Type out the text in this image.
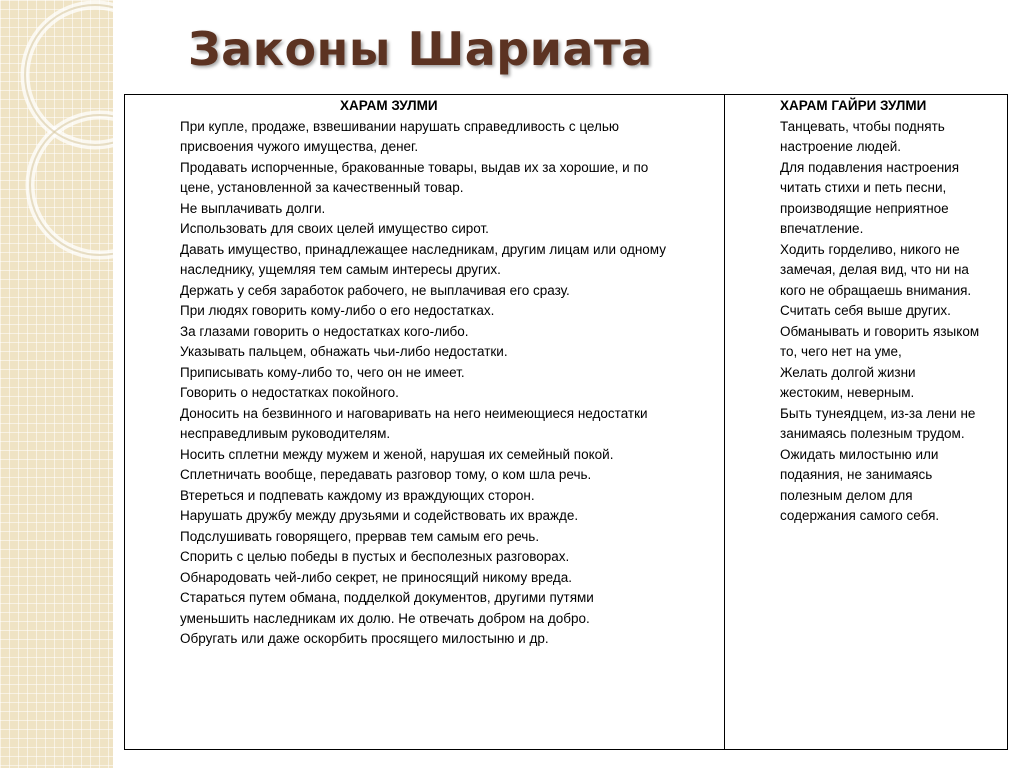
Законы Шариата
ХАРАМ ЗУЛМИ
При купле, продаже, взвешивании нарушать справедливость с целью
присвоения чужого имущества, денег.
Продавать испорченные, бракованные товары, выдав их за хорошие, и по
цене, установленной за качественный товар.
Не выплачивать долги.
Использовать для своих целей имущество сирот.
Давать имущество, принадлежащее наследникам, другим лицам или одному
наследнику, ущемляя тем самым интересы других.
Держать у себя заработок рабочего, не выплачивая его сразу.
При людях говорить кому-либо о его недостатках.
За глазами говорить о недостатках кого-либо.
Указывать пальцем, обнажать чьи-либо недостатки.
Приписывать кому-либо то, чего он не имеет.
Говорить о недостатках покойного.
Доносить на безвинного и наговаривать на него неимеющиеся недостатки
несправедливым руководителям.
Носить сплетни между мужем и женой, нарушая их семейный покой.
Сплетничать вообще, передавать разговор тому, о ком шла речь.
Втереться и подпевать каждому из враждующих сторон.
Нарушать дружбу между друзьями и содействовать их вражде.
Подслушивать говорящего, прервав тем самым его речь.
Спорить с целью победы в пустых и бесполезных разговорах.
Обнародовать чей-либо секрет, не приносящий никому вреда.
Стараться путем обмана, подделкой документов, другими путями
уменьшить наследникам их долю. Не отвечать добром на добро.
Обругать или даже оскорбить просящего милостыню и др.
ХАРАМ ГАЙРИ ЗУЛМИ
Танцевать, чтобы поднять
настроение людей.
Для подавления настроения
читать стихи и петь песни,
производящие неприятное
впечатление.
Ходить горделиво, никого не
замечая, делая вид, что ни на
кого не обращаешь внимания.
Считать себя выше других.
Обманывать и говорить языком
то, чего нет на уме,
Желать долгой жизни
жестоким, неверным.
Быть тунеядцем, из-за лени не
занимаясь полезным трудом.
Ожидать милостыню или
подаяния, не занимаясь
полезным делом для
содержания самого себя.
